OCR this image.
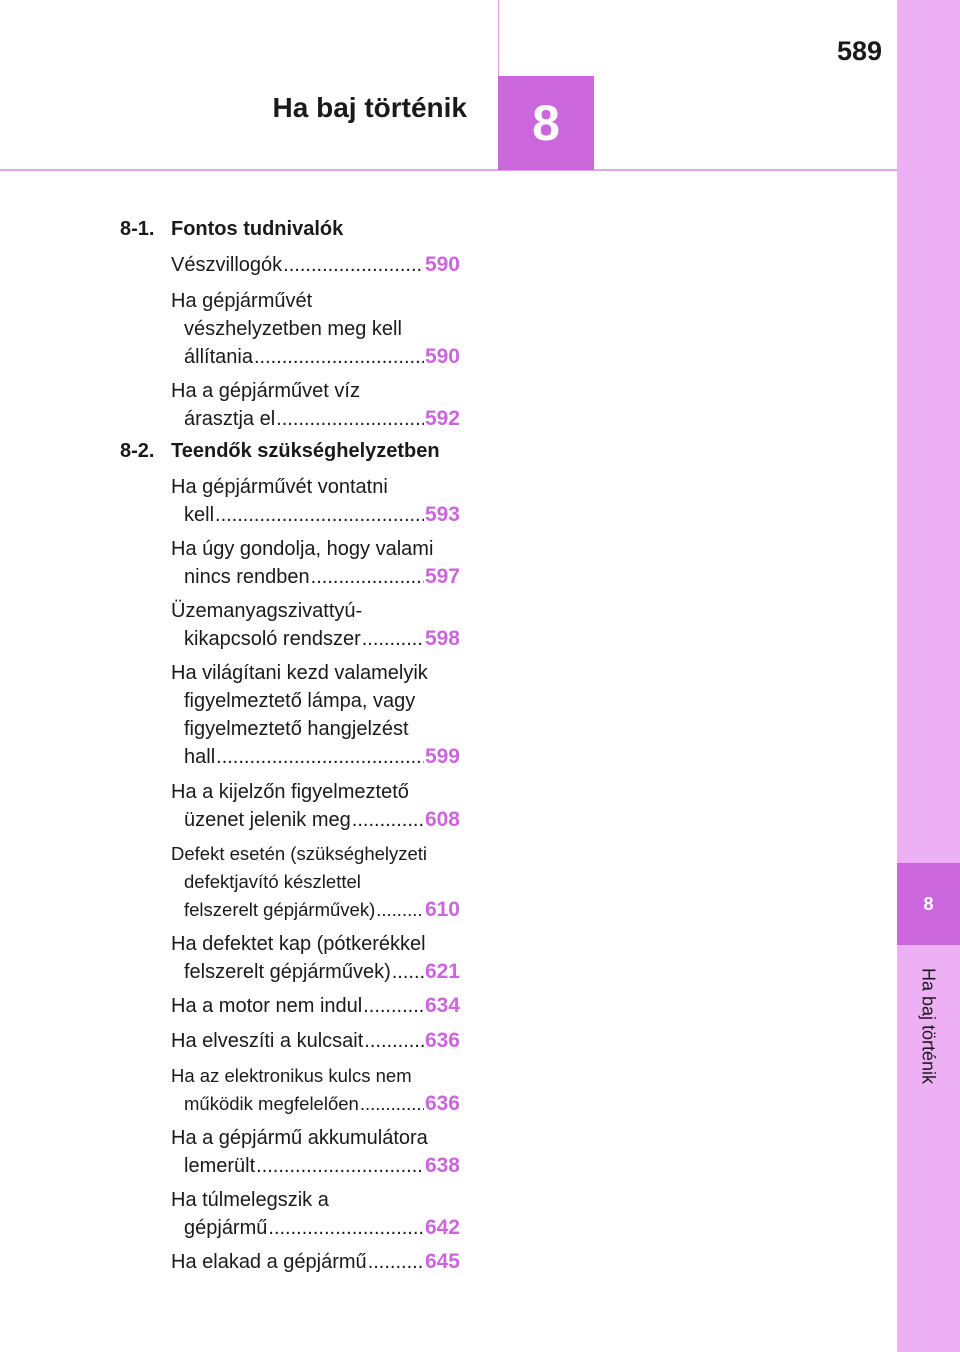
Ha baj történik	8
589
8
Ha baj történik
8-1. Fontos tudnivalók
Vészvillogók .....	590
Ha gépjárművét
vészhelyzetben meg kell
állítania .....	590
Ha a gépjárművet víz
árasztja el .....	592
8-2. Teendők szükséghelyzetben
Ha gépjárművét vontatni
kell .....	593
Ha úgy gondolja, hogy valami
nincs rendben .....	597
Üzemanyagszivattyú-
kikapcsoló rendszer .....	598
Ha világítani kezd valamelyik
figyelmeztető lámpa, vagy
figyelmeztető hangjelzést
hall .....	599
Ha a kijelzőn figyelmeztető
üzenet jelenik meg .....	608
Defekt esetén (szükséghelyzeti
defektjavító készlettel
felszerelt gépjárművek) ..... 610
Ha defektet kap (pótkerékkel
felszerelt gépjárművek) ..... 621
Ha a motor nem indul .....	634
Ha elveszíti a kulcsait .....	636
Ha az elektronikus kulcs nem
működik megfelelően .....	636
Ha a gépjármű akkumulátora
lemerült .....	638
Ha túlmelegszik a
gépjármű .....	642
Ha elakad a gépjármű .....	645
